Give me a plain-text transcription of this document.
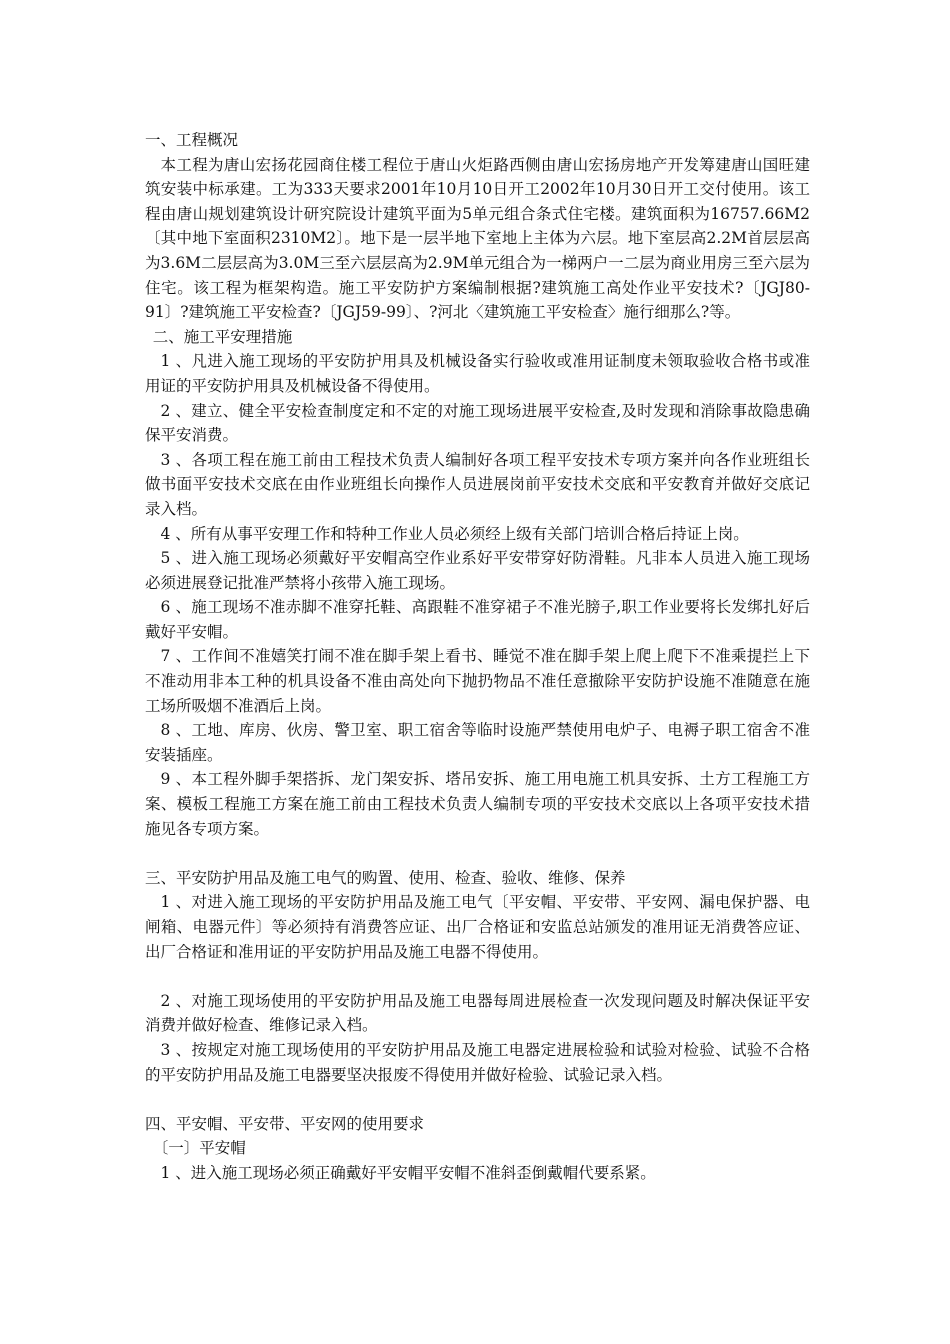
一、工程概况

本工程为唐山宏扬花园商住楼工程位于唐山火炬路西侧由唐山宏扬房地产开发筹建唐山国旺建筑安装中标承建。工为333天要求2001年10月10日开工2002年10月30日开工交付使用。该工程由唐山规划建筑设计研究院设计建筑平面为5单元组合条式住宅楼。建筑面积为16757.66M2〔其中地下室面积2310M2〕。地下是一层半地下室地上主体为六层。地下室层高2.2M首层层高为3.6M二层层高为3.0M三至六层层高为2.9M单元组合为一梯两户一二层为商业用房三至六层为住宅。该工程为框架构造。施工平安防护方案编制根据?建筑施工高处作业平安技术?〔JGJ80-91〕?建筑施工平安检查?〔JGJ59-99〕、?河北〈建筑施工平安检查〉施行细那么?等。

二、施工平安理措施

1 、凡进入施工现场的平安防护用具及机械设备实行验收或准用证制度未领取验收合格书或准用证的平安防护用具及机械设备不得使用。

2 、建立、健全平安检查制度定和不定的对施工现场进展平安检查,及时发现和消除事故隐患确保平安消费。

3 、各项工程在施工前由工程技术负责人编制好各项工程平安技术专项方案并向各作业班组长做书面平安技术交底在由作业班组长向操作人员进展岗前平安技术交底和平安教育并做好交底记录入档。

4 、所有从事平安理工作和特种工作业人员必须经上级有关部门培训合格后持证上岗。

5 、进入施工现场必须戴好平安帽高空作业系好平安带穿好防滑鞋。凡非本人员进入施工现场必须进展登记批准严禁将小孩带入施工现场。

6 、施工现场不准赤脚不准穿托鞋、高跟鞋不准穿裙子不准光膀子,职工作业要将长发绑扎好后戴好平安帽。

7 、工作间不准嬉笑打闹不准在脚手架上看书、睡觉不准在脚手架上爬上爬下不准乘提拦上下不准动用非本工种的机具设备不准由高处向下抛扔物品不准任意撤除平安防护设施不准随意在施工场所吸烟不准酒后上岗。

8 、工地、库房、伙房、警卫室、职工宿舍等临时设施严禁使用电炉子、电褥子职工宿舍不准安装插座。

9 、本工程外脚手架搭拆、龙门架安拆、塔吊安拆、施工用电施工机具安拆、土方工程施工方案、模板工程施工方案在施工前由工程技术负责人编制专项的平安技术交底以上各项平安技术措施见各专项方案。

三、平安防护用品及施工电气的购置、使用、检查、验收、维修、保养

1 、对进入施工现场的平安防护用品及施工电气〔平安帽、平安带、平安网、漏电保护器、电闸箱、电器元件〕等必须持有消费答应证、出厂合格证和安监总站颁发的准用证无消费答应证、出厂合格证和准用证的平安防护用品及施工电器不得使用。

2 、对施工现场使用的平安防护用品及施工电器每周进展检查一次发现问题及时解决保证平安消费并做好检查、维修记录入档。

3 、按规定对施工现场使用的平安防护用品及施工电器定进展检验和试验对检验、试验不合格的平安防护用品及施工电器要坚决报废不得使用并做好检验、试验记录入档。

四、平安帽、平安带、平安网的使用要求

〔一〕平安帽

1 、进入施工现场必须正确戴好平安帽平安帽不准斜歪倒戴帽代要系紧。
